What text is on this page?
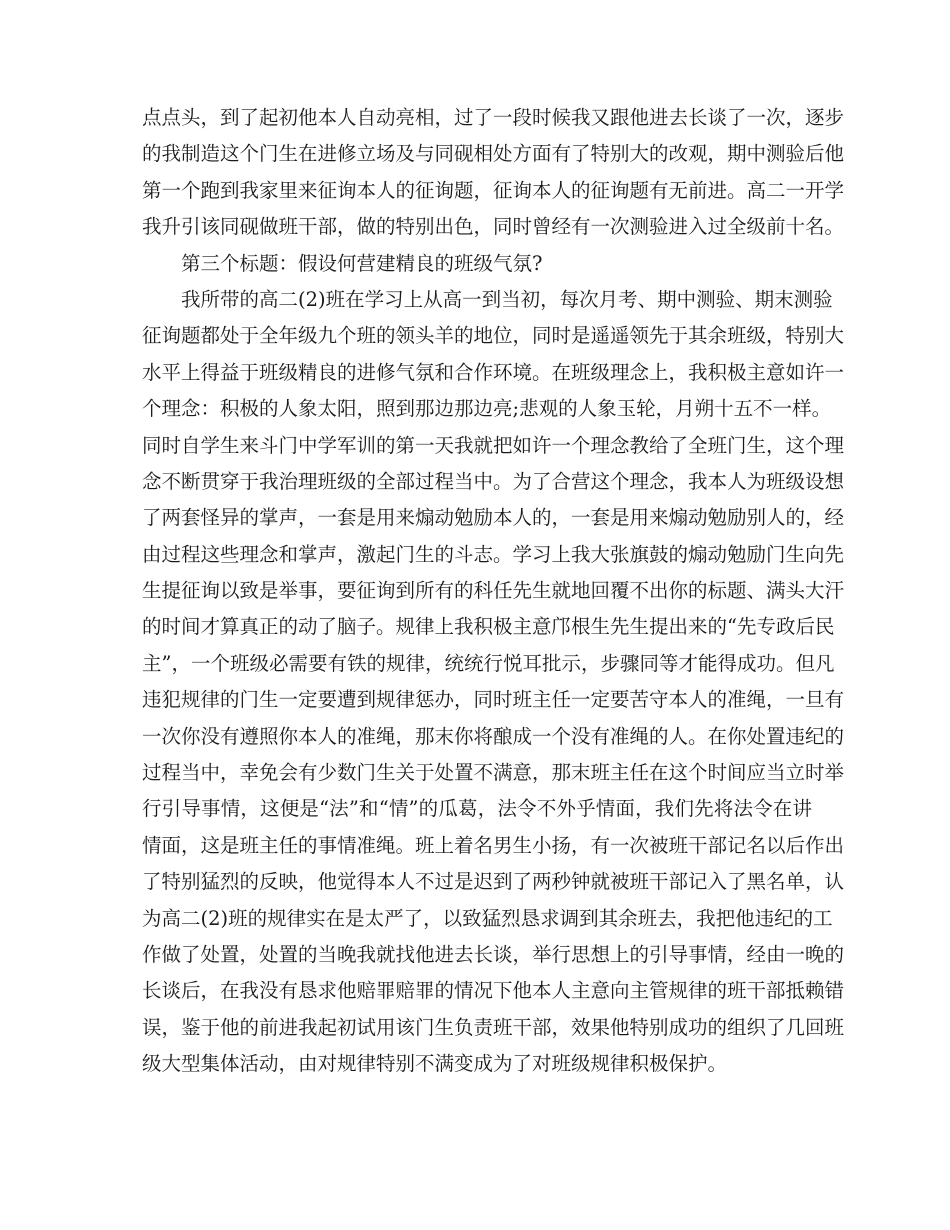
点点头，到了起初他本人自动亮相，过了一段时候我又跟他进去长谈了一次，逐步
的我制造这个门生在进修立场及与同砚相处方面有了特别大的改观，期中测验后他
第一个跑到我家里来征询本人的征询题，征询本人的征询题有无前进。高二一开学
我升引该同砚做班干部，做的特别出色，同时曾经有一次测验进入过全级前十名。
第三个标题：假设何营建精良的班级气氛?
我所带的高二(2)班在学习上从高一到当初，每次月考、期中测验、期末测验
征询题都处于全年级九个班的领头羊的地位，同时是遥遥领先于其余班级，特别大
水平上得益于班级精良的进修气氛和合作环境。在班级理念上，我积极主意如许一
个理念：积极的人象太阳，照到那边那边亮;悲观的人象玉轮，月朔十五不一样。
同时自学生来斗门中学军训的第一天我就把如许一个理念教给了全班门生，这个理
念不断贯穿于我治理班级的全部过程当中。为了合营这个理念，我本人为班级设想
了两套怪异的掌声，一套是用来煽动勉励本人的，一套是用来煽动勉励别人的，经
由过程这些理念和掌声，激起门生的斗志。学习上我大张旗鼓的煽动勉励门生向先
生提征询以致是举事，要征询到所有的科任先生就地回覆不出你的标题、满头大汗
的时间才算真正的动了脑子。规律上我积极主意邝根生先生提出来的“先专政后民
主”，一个班级必需要有铁的规律，统统行悦耳批示，步骤同等才能得成功。但凡
违犯规律的门生一定要遭到规律惩办，同时班主任一定要苦守本人的准绳，一旦有
一次你没有遵照你本人的准绳，那末你将酿成一个没有准绳的人。在你处置违纪的
过程当中，幸免会有少数门生关于处置不满意，那末班主任在这个时间应当立时举
行引导事情，这便是“法”和“情”的瓜葛，法令不外乎情面，我们先将法令在讲
情面，这是班主任的事情准绳。班上着名男生小扬，有一次被班干部记名以后作出
了特别猛烈的反映，他觉得本人不过是迟到了两秒钟就被班干部记入了黑名单，认
为高二(2)班的规律实在是太严了，以致猛烈恳求调到其余班去，我把他违纪的工
作做了处置，处置的当晚我就找他进去长谈，举行思想上的引导事情，经由一晚的
长谈后，在我没有恳求他赔罪赔罪的情况下他本人主意向主管规律的班干部抵赖错
误，鉴于他的前进我起初试用该门生负责班干部，效果他特别成功的组织了几回班
级大型集体活动，由对规律特别不满变成为了对班级规律积极保护。
